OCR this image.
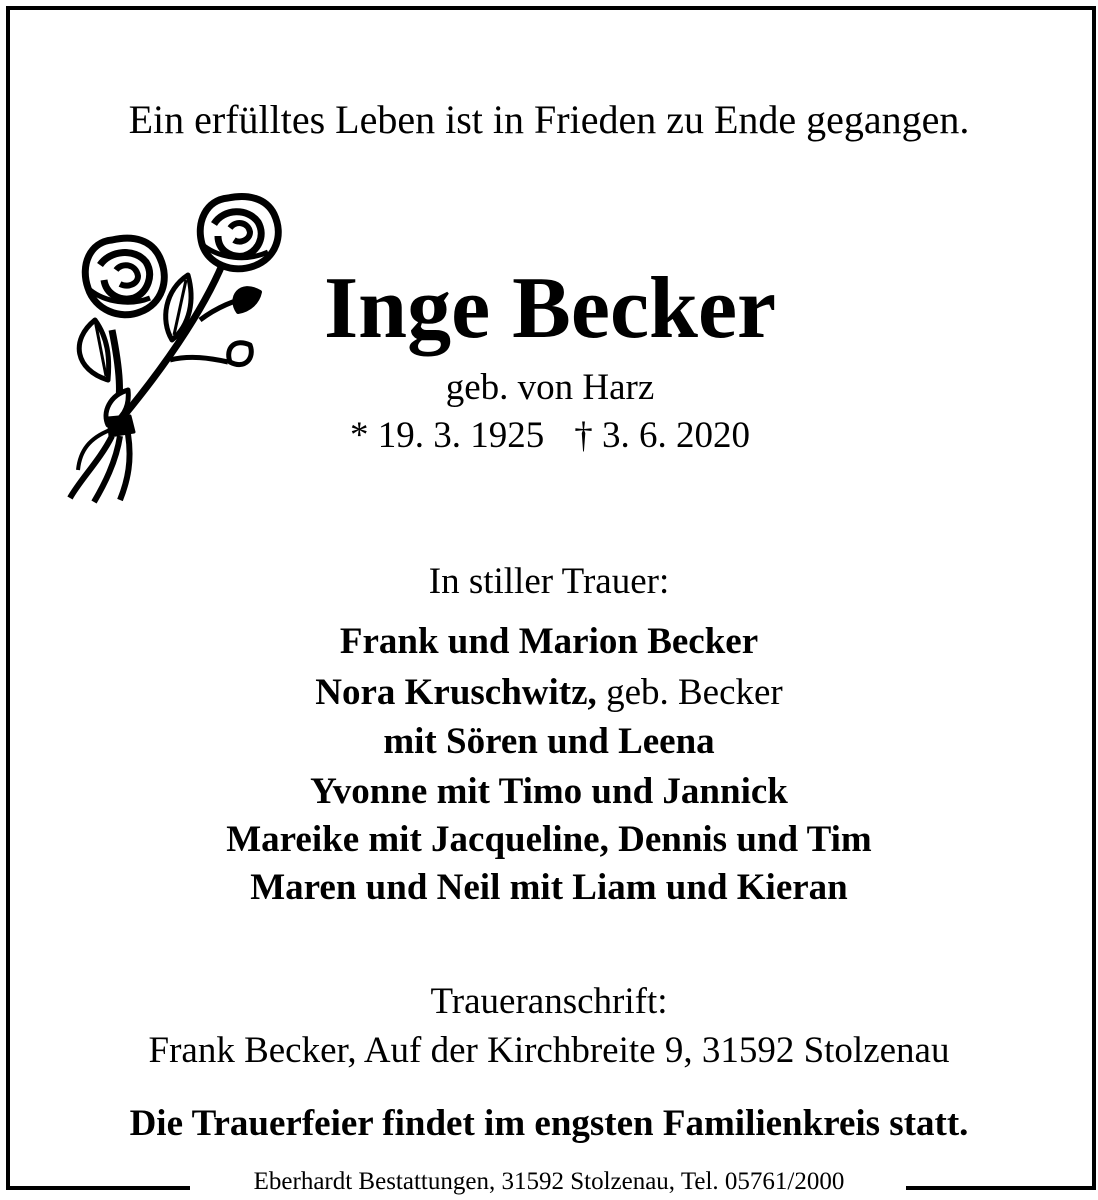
Ein erfülltes Leben ist in Frieden zu Ende gegangen.
Inge Becker
geb. von Harz
* 19. 3. 1925 † 3. 6. 2020
In stiller Trauer:
Frank und Marion Becker
Nora Kruschwitz, geb. Becker
mit Sören und Leena
Yvonne mit Timo und Jannick
Mareike mit Jacqueline, Dennis und Tim
Maren und Neil mit Liam und Kieran
Traueranschrift:
Frank Becker, Auf der Kirchbreite 9, 31592 Stolzenau
Die Trauerfeier findet im engsten Familienkreis statt.
Eberhardt Bestattungen, 31592 Stolzenau, Tel. 05761/2000
